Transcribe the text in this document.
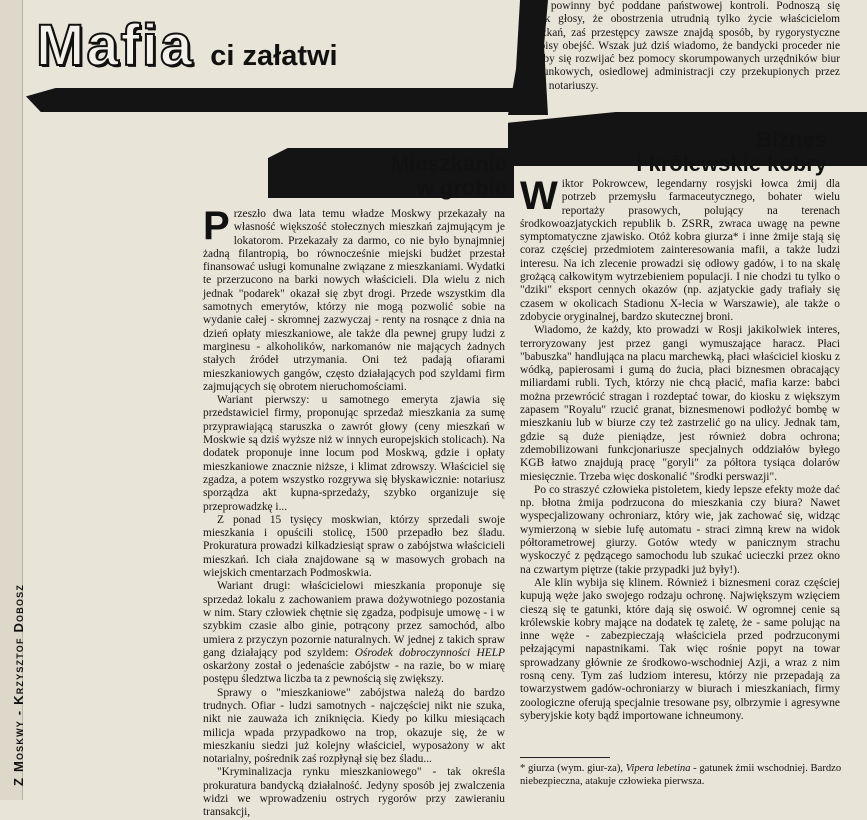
Z Moskwy - Krzysztof Dobosz
Mafia ci załatwi

które powinny być poddane państwowej kontroli. Podnoszą się jednak głosy, że obostrzenia utrudnią tylko życie właścicielom mieszkań, zaś przestępcy zawsze znajdą sposób, by rygorystyczne przepisy obejść. Wszak już dziś wiadomo, że bandycki proceder nie mógłby się rozwijać bez pomocy skorumpowanych urzędników biur meldunkowych, osiedlowej administracji czy przekupionych przez mafię notariuszy.

Mieszkanie
w grobie
Biznes
i królewskie kobry

Przeszło dwa lata temu władze Moskwy przekazały na własność większość stołecznych mieszkań zajmującym je lokatorom. Przekazały za darmo, co nie było bynajmniej żadną filantropią, bo równocześnie miejski budżet przestał finansować usługi komunalne związane z mieszkaniami. Wydatki te przerzucono na barki nowych właścicieli. Dla wielu z nich jednak "podarek" okazał się zbyt drogi. Przede wszystkim dla samotnych emerytów, którzy nie mogą pozwolić sobie na wydanie całej - skromnej zazwyczaj - renty na rosnące z dnia na dzień opłaty mieszkaniowe, ale także dla pewnej grupy ludzi z marginesu - alkoholików, narkomanów nie mających żadnych stałych źródeł utrzymania. Oni też padają ofiarami mieszkaniowych gangów, często działających pod szyldami firm zajmujących się obrotem nieruchomościami.

Wariant pierwszy: u samotnego emeryta zjawia się przedstawiciel firmy, proponując sprzedaż mieszkania za sumę przyprawiającą staruszka o zawrót głowy (ceny mieszkań w Moskwie są dziś wyższe niż w innych europejskich stolicach). Na dodatek proponuje inne locum pod Moskwą, gdzie i opłaty mieszkaniowe znacznie niższe, i klimat zdrowszy. Właściciel się zgadza, a potem wszystko rozgrywa się błyskawicznie: notariusz sporządza akt kupna-sprzedaży, szybko organizuje się przeprowadzkę i...

Z ponad 15 tysięcy moskwian, którzy sprzedali swoje mieszkania i opuścili stolicę, 1500 przepadło bez śladu. Prokuratura prowadzi kilkadziesiąt spraw o zabójstwa właścicieli mieszkań. Ich ciała znajdowane są w masowych grobach na wiejskich cmentarzach Podmoskwia.

Wariant drugi: właścicielowi mieszkania proponuje się sprzedaż lokalu z zachowaniem prawa dożywotniego pozostania w nim. Stary człowiek chętnie się zgadza, podpisuje umowę - i w szybkim czasie albo ginie, potrącony przez samochód, albo umiera z przyczyn pozornie naturalnych. W jednej z takich spraw gang działający pod szyldem: Ośrodek dobroczynności HELP oskarżony został o jedenaście zabójstw - na razie, bo w miarę postępu śledztwa liczba ta z pewnością się zwiększy.

Sprawy o "mieszkaniowe" zabójstwa należą do bardzo trudnych. Ofiar - ludzi samotnych - najczęściej nikt nie szuka, nikt nie zauważa ich zniknięcia. Kiedy po kilku miesiącach milicja wpada przypadkowo na trop, okazuje się, że w mieszkaniu siedzi już kolejny właściciel, wyposażony w akt notarialny, pośrednik zaś rozpłynął się bez śladu...

"Kryminalizacja rynku mieszkaniowego" - tak określa prokuratura bandycką działalność. Jedyny sposób jej zwalczenia widzi we wprowadzeniu ostrych rygorów przy zawieraniu transakcji,

Wiktor Pokrowcew, legendarny rosyjski łowca żmij dla potrzeb przemysłu farmaceutycznego, bohater wielu reportaży prasowych, polujący na terenach środkowoazjatyckich republik b. ZSRR, zwraca uwagę na pewne symptomatyczne zjawisko. Otóż kobra giurza* i inne żmije stają się coraz częściej przedmiotem zainteresowania mafii, a także ludzi interesu. Na ich zlecenie prowadzi się odłowy gadów, i to na skalę grożącą całkowitym wytrzebieniem populacji. I nie chodzi tu tylko o "dziki" eksport cennych okazów (np. azjatyckie gady trafiały się czasem w okolicach Stadionu X-lecia w Warszawie), ale także o zdobycie oryginalnej, bardzo skutecznej broni.

Wiadomo, że każdy, kto prowadzi w Rosji jakikolwiek interes, terroryzowany jest przez gangi wymuszające haracz. Płaci "babuszka" handlująca na placu marchewką, płaci właściciel kiosku z wódką, papierosami i gumą do żucia, płaci biznesmen obracający miliardami rubli. Tych, którzy nie chcą płacić, mafia karze: babci można przewrócić stragan i rozdeptać towar, do kiosku z większym zapasem "Royalu" rzucić granat, biznesmenowi podłożyć bombę w mieszkaniu lub w biurze czy też zastrzelić go na ulicy. Jednak tam, gdzie są duże pieniądze, jest również dobra ochrona; zdemobilizowani funkcjonariusze specjalnych oddziałów byłego KGB łatwo znajdują pracę "goryli" za półtora tysiąca dolarów miesięcznie. Trzeba więc doskonalić "środki perswazji".

Po co straszyć człowieka pistoletem, kiedy lepsze efekty może dać np. błotna żmija podrzucona do mieszkania czy biura? Nawet wyspecjalizowany ochroniarz, który wie, jak zachować się, widząc wymierzoną w siebie lufę automatu - straci zimną krew na widok półtorametrowej giurzy. Gotów wtedy w panicznym strachu wyskoczyć z pędzącego samochodu lub szukać ucieczki przez okno na czwartym piętrze (takie przypadki już były!).

Ale klin wybija się klinem. Również i biznesmeni coraz częściej kupują węże jako swojego rodzaju ochronę. Największym wzięciem cieszą się te gatunki, które dają się oswoić. W ogromnej cenie są królewskie kobry mające na dodatek tę zaletę, że - same polując na inne węże - zabezpieczają właściciela przed podrzuconymi pełzającymi napastnikami. Tak więc rośnie popyt na towar sprowadzany głównie ze środkowo-wschodniej Azji, a wraz z nim rosną ceny. Tym zaś ludziom interesu, którzy nie przepadają za towarzystwem gadów-ochroniarzy w biurach i mieszkaniach, firmy zoologiczne oferują specjalnie tresowane psy, olbrzymie i agresywne syberyjskie koty bądź importowane ichneumony.

* giurza (wym. giur-za), Vipera lebetina - gatunek żmii wschodniej. Bardzo niebezpieczna, atakuje człowieka pierwsza.
